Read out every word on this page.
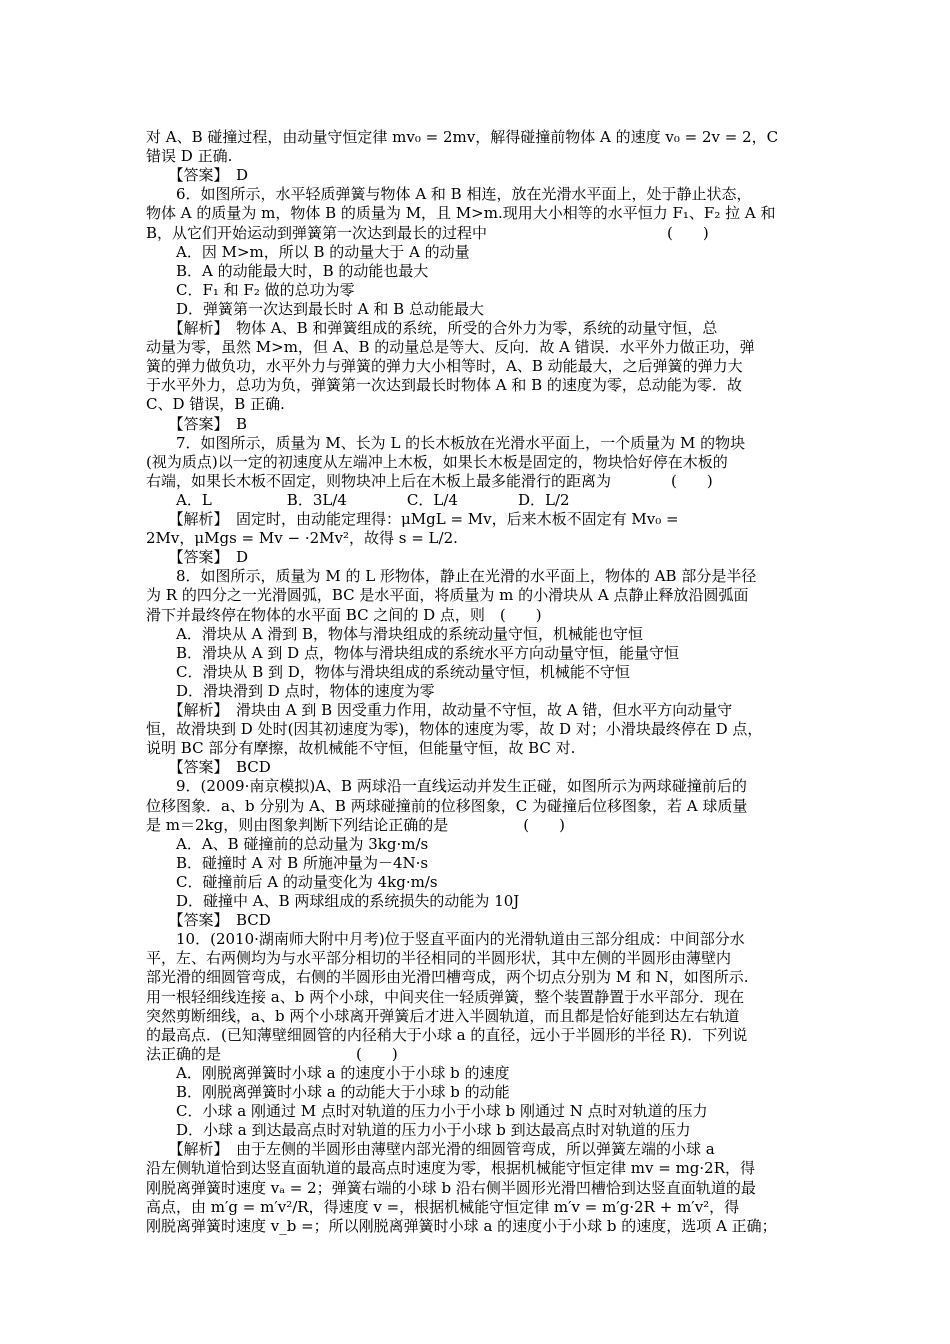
对 A、B 碰撞过程，由动量守恒定律 mv₀ = 2mv，解得碰撞前物体 A 的速度 v₀ = 2v = 2，C
错误 D 正确.
　　【答案】　D
　　6．如图所示，水平轻质弹簧与物体 A 和 B 相连，放在光滑水平面上，处于静止状态，
物体 A 的质量为 m，物体 B 的质量为 M，且 M>m.现用大小相等的水平恒力 F₁、F₂ 拉 A 和
B，从它们开始运动到弹簧第一次达到最长的过程中　　　　　　　　　　　　(　　)
　　A．因 M>m，所以 B 的动量大于 A 的动量
　　B．A 的动能最大时，B 的动能也最大
　　C．F₁ 和 F₂ 做的总功为零
　　D．弹簧第一次达到最长时 A 和 B 总动能最大
　　【解析】　物体 A、B 和弹簧组成的系统，所受的合外力为零，系统的动量守恒，总
动量为零，虽然 M>m，但 A、B 的动量总是等大、反向．故 A 错误．水平外力做正功，弹
簧的弹力做负功，水平外力与弹簧的弹力大小相等时，A、B 动能最大，之后弹簧的弹力大
于水平外力，总功为负，弹簧第一次达到最长时物体 A 和 B 的速度为零，总动能为零．故
C、D 错误，B 正确.
　　【答案】　B
　　7．如图所示，质量为 M、长为 L 的长木板放在光滑水平面上，一个质量为 M 的物块
(视为质点)以一定的初速度从左端冲上木板，如果长木板是固定的，物块恰好停在木板的
右端，如果长木板不固定，则物块冲上后在木板上最多能滑行的距离为　　　　(　　)
　　A．L　　　　　B．3L/4　　　　C．L/4　　　　D．L/2
　　【解析】　固定时，由动能定理得：μMgL = Mv，后来木板不固定有 Mv₀ =
2Mv，μMgs = Mv − ·2Mv²，故得 s = L/2.
　　【答案】　D
　　8．如图所示，质量为 M 的 L 形物体，静止在光滑的水平面上，物体的 AB 部分是半径
为 R 的四分之一光滑圆弧，BC 是水平面，将质量为 m 的小滑块从 A 点静止释放沿圆弧面
滑下并最终停在物体的水平面 BC 之间的 D 点，则　(　　)
　　A．滑块从 A 滑到 B，物体与滑块组成的系统动量守恒，机械能也守恒
　　B．滑块从 A 到 D 点，物体与滑块组成的系统水平方向动量守恒，能量守恒
　　C．滑块从 B 到 D，物体与滑块组成的系统动量守恒，机械能不守恒
　　D．滑块滑到 D 点时，物体的速度为零
　　【解析】　滑块由 A 到 B 因受重力作用，故动量不守恒，故 A 错，但水平方向动量守
恒，故滑块到 D 处时(因其初速度为零)，物体的速度为零，故 D 对；小滑块最终停在 D 点，
说明 BC 部分有摩擦，故机械能不守恒，但能量守恒，故 BC 对.
　　【答案】　BCD
　　9．(2009·南京模拟)A、B 两球沿一直线运动并发生正碰，如图所示为两球碰撞前后的
位移图象．a、b 分别为 A、B 两球碰撞前的位移图象，C 为碰撞后位移图象，若 A 球质量
是 m＝2kg，则由图象判断下列结论正确的是　　　　　(　　)
　　A．A、B 碰撞前的总动量为 3kg·m/s
　　B．碰撞时 A 对 B 所施冲量为－4N·s
　　C．碰撞前后 A 的动量变化为 4kg·m/s
　　D．碰撞中 A、B 两球组成的系统损失的动能为 10J
　　【答案】　BCD
　　10．(2010·湖南师大附中月考)位于竖直平面内的光滑轨道由三部分组成：中间部分水
平，左、右两侧均为与水平部分相切的半径相同的半圆形状，其中左侧的半圆形由薄壁内
部光滑的细圆管弯成，右侧的半圆形由光滑凹槽弯成，两个切点分别为 M 和 N，如图所示.
用一根轻细线连接 a、b 两个小球，中间夹住一轻质弹簧，整个装置静置于水平部分．现在
突然剪断细线，a、b 两个小球离开弹簧后才进入半圆轨道，而且都是恰好能到达左右轨道
的最高点．(已知薄壁细圆管的内径稍大于小球 a 的直径，远小于半圆形的半径 R)．下列说
法正确的是　　　　　　　　　(　　)
　　A．刚脱离弹簧时小球 a 的速度小于小球 b 的速度
　　B．刚脱离弹簧时小球 a 的动能大于小球 b 的动能
　　C．小球 a 刚通过 M 点时对轨道的压力小于小球 b 刚通过 N 点时对轨道的压力
　　D．小球 a 到达最高点时对轨道的压力小于小球 b 到达最高点时对轨道的压力
　　【解析】　由于左侧的半圆形由薄壁内部光滑的细圆管弯成，所以弹簧左端的小球 a
沿左侧轨道恰到达竖直面轨道的最高点时速度为零，根据机械能守恒定律 mv = mg·2R，得
刚脱离弹簧时速度 vₐ = 2；弹簧右端的小球 b 沿右侧半圆形光滑凹槽恰到达竖直面轨道的最
高点，由 m′g = m′v²/R，得速度 v =，根据机械能守恒定律 m′v = m′g·2R + m′v²，得
刚脱离弹簧时速度 v_b =；所以刚脱离弹簧时小球 a 的速度小于小球 b 的速度，选项 A 正确；
